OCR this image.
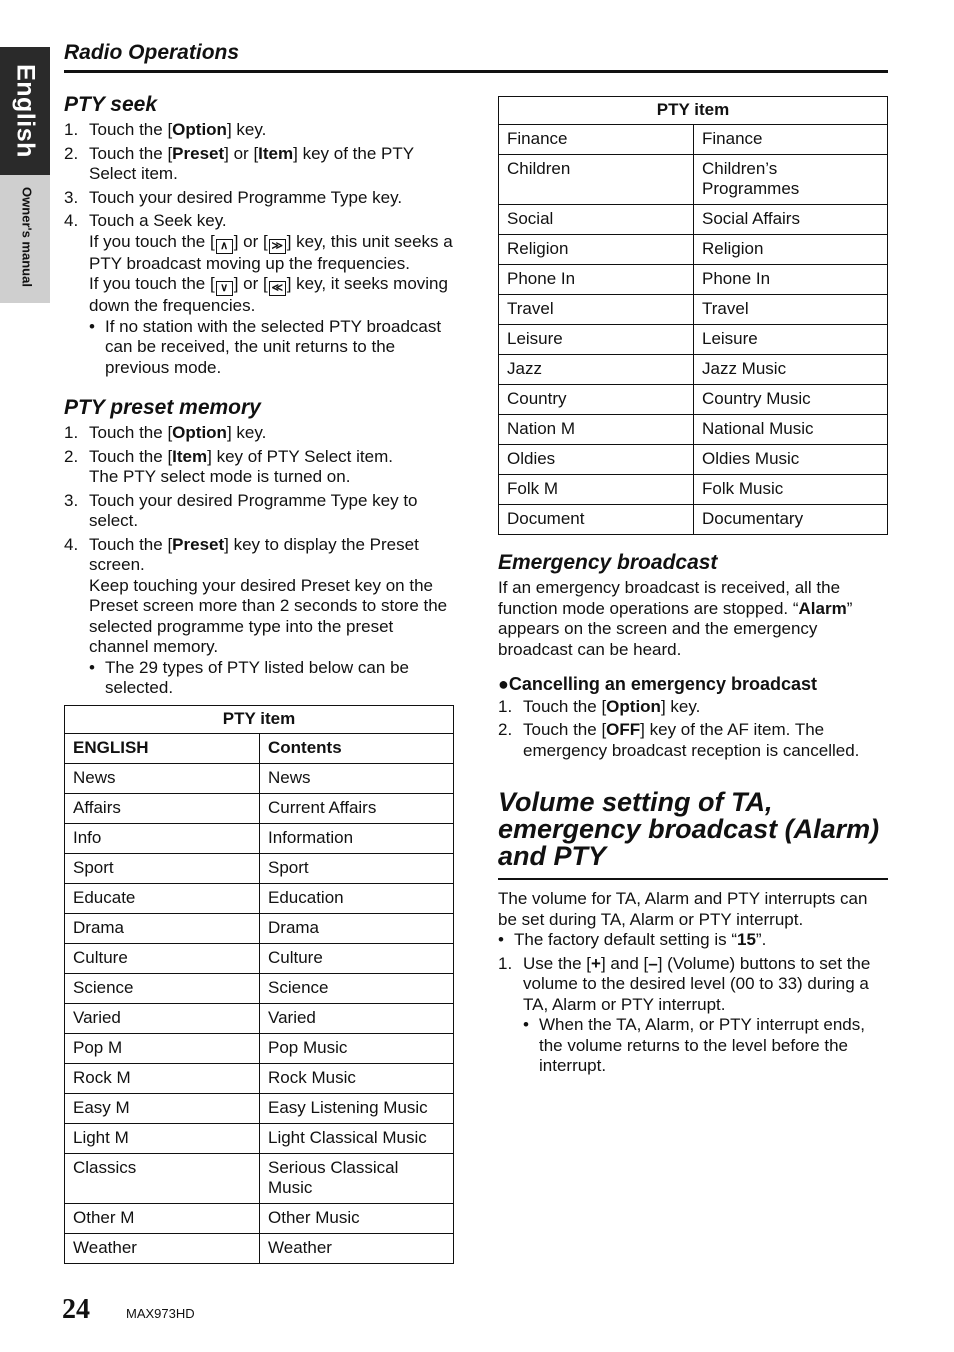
English
Owner's manual
Radio Operations
PTY seek
1. Touch the [Option] key.
2. Touch the [Preset] or [Item] key of the PTY Select item.
3. Touch your desired Programme Type key.
4. Touch a Seek key.
If you touch the [ ∧ ] or [ ≫ ] key, this unit seeks a PTY broadcast moving up the frequencies.
If you touch the [ ∨ ] or [ ≪ ] key, it seeks moving down the frequencies.
• If no station with the selected PTY broadcast can be received, the unit returns to the previous mode.
PTY preset memory
1. Touch the [Option] key.
2. Touch the [Item] key of PTY Select item.
The PTY select mode is turned on.
3. Touch your desired Programme Type key to select.
4. Touch the [Preset] key to display the Preset screen.
Keep touching your desired Preset key on the Preset screen more than 2 seconds to store the selected programme type into the preset channel memory.
• The 29 types of PTY listed below can be selected.
PTY item	
ENGLISH	Contents
News	News
Affairs	Current Affairs
Info	Information
Sport	Sport
Educate	Education
Drama	Drama
Culture	Culture
Science	Science
Varied	Varied
Pop M	Pop Music
Rock M	Rock Music
Easy M	Easy Listening Music
Light M	Light Classical Music
Classics	Serious Classical Music
Other M	Other Music
Weather	Weather
PTY item	
Finance	Finance
Children	Children’s Programmes
Social	Social Affairs
Religion	Religion
Phone In	Phone In
Travel	Travel
Leisure	Leisure
Jazz	Jazz Music
Country	Country Music
Nation M	National Music
Oldies	Oldies Music
Folk M	Folk Music
Document	Documentary
Emergency broadcast

If an emergency broadcast is received, all the function mode operations are stopped. “Alarm” appears on the screen and the emergency broadcast can be heard.

●Cancelling an emergency broadcast
1. Touch the [Option] key.
2. Touch the [OFF] key of the AF item. The emergency broadcast reception is cancelled.
Volume setting of TA, emergency broadcast (Alarm) and PTY

The volume for TA, Alarm and PTY interrupts can be set during TA, Alarm or PTY interrupt.

• The factory default setting is “15”.
1. Use the [+] and [–] (Volume) buttons to set the volume to the desired level (00 to 33) during a TA, Alarm or PTY interrupt.
• When the TA, Alarm, or PTY interrupt ends, the volume returns to the level before the interrupt.
24	MAX973HD
